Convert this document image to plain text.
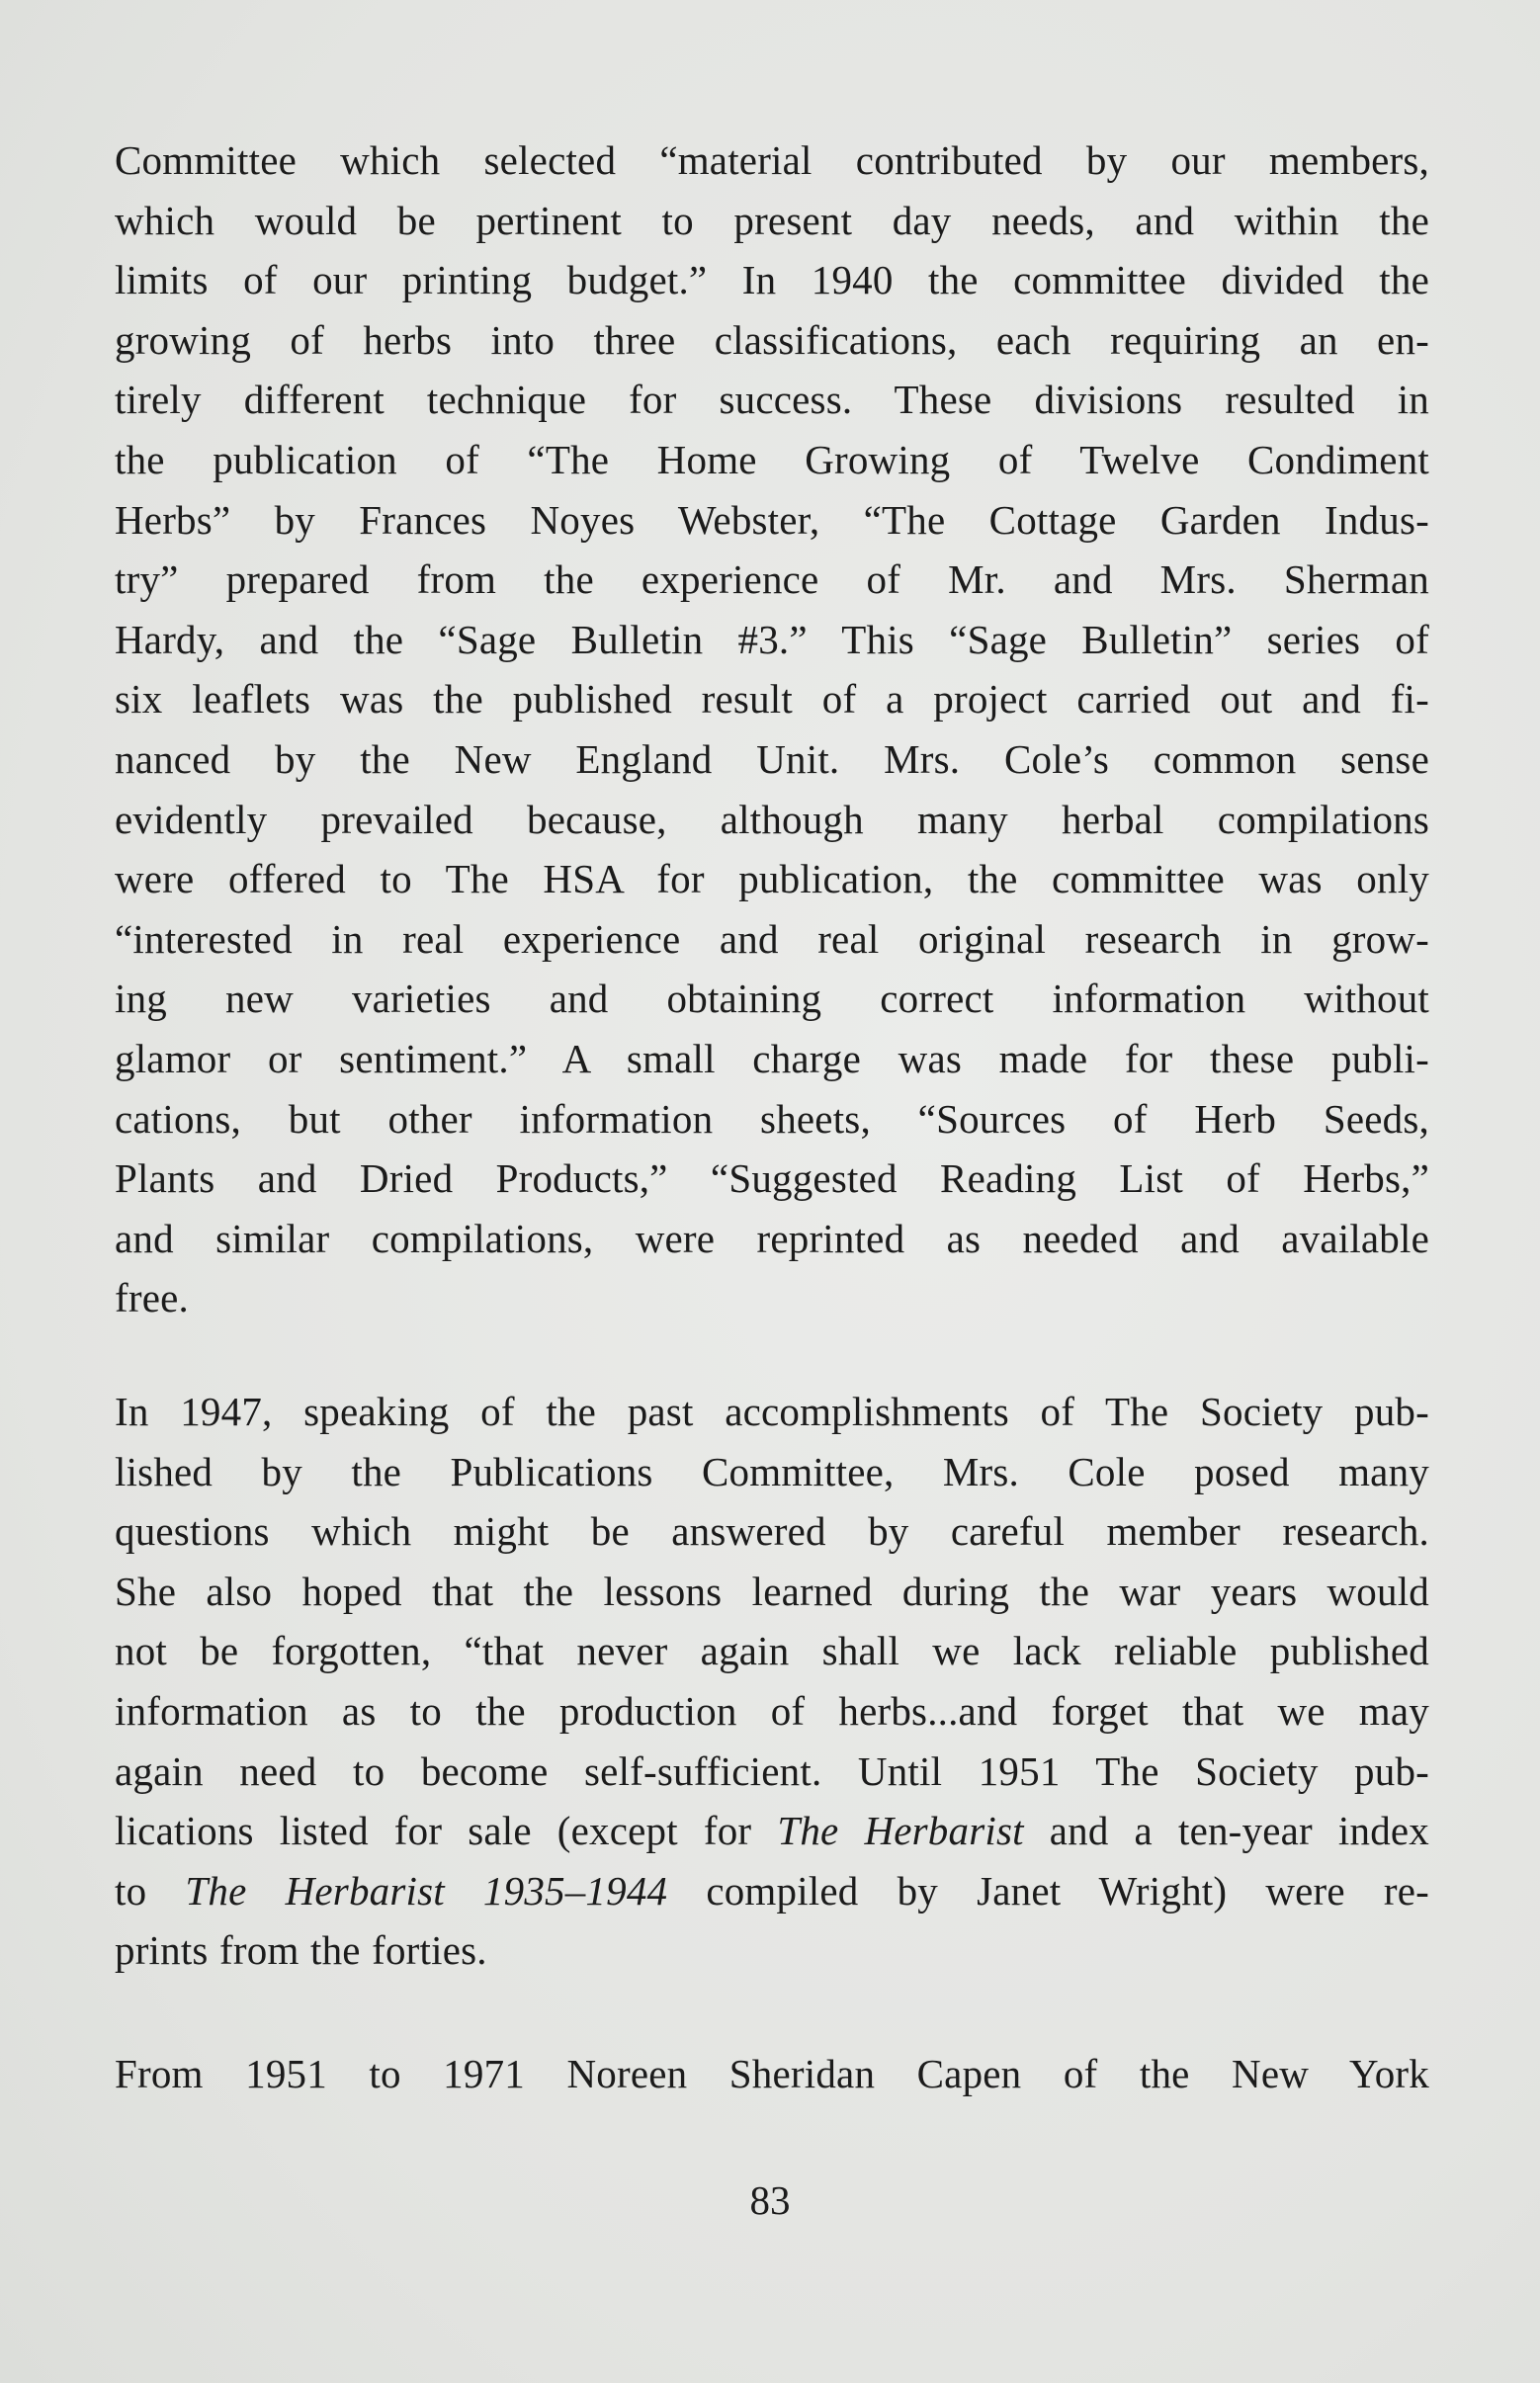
Committee which selected “material contributed by our members,
which would be pertinent to present day needs, and within the
limits of our printing budget.” In 1940 the committee divided the
growing of herbs into three classifications, each requiring an en-
tirely different technique for success. These divisions resulted in
the publication of “The Home Growing of Twelve Condiment
Herbs” by Frances Noyes Webster, “The Cottage Garden Indus-
try” prepared from the experience of Mr. and Mrs. Sherman
Hardy, and the “Sage Bulletin #3.” This “Sage Bulletin” series of
six leaflets was the published result of a project carried out and fi-
nanced by the New England Unit. Mrs. Cole’s common sense
evidently prevailed because, although many herbal compilations
were offered to The HSA for publication, the committee was only
“interested in real experience and real original research in grow-
ing new varieties and obtaining correct information without
glamor or sentiment.” A small charge was made for these publi-
cations, but other information sheets, “Sources of Herb Seeds,
Plants and Dried Products,” “Suggested Reading List of Herbs,”
and similar compilations, were reprinted as needed and available
free.
In 1947, speaking of the past accomplishments of The Society pub-
lished by the Publications Committee, Mrs. Cole posed many
questions which might be answered by careful member research.
She also hoped that the lessons learned during the war years would
not be forgotten, “that never again shall we lack reliable published
information as to the production of herbs...and forget that we may
again need to become self-sufficient. Until 1951 The Society pub-
lications listed for sale (except for The Herbarist and a ten-year index
to The Herbarist 1935–1944 compiled by Janet Wright) were re-
prints from the forties.
From 1951 to 1971 Noreen Sheridan Capen of the New York
83
